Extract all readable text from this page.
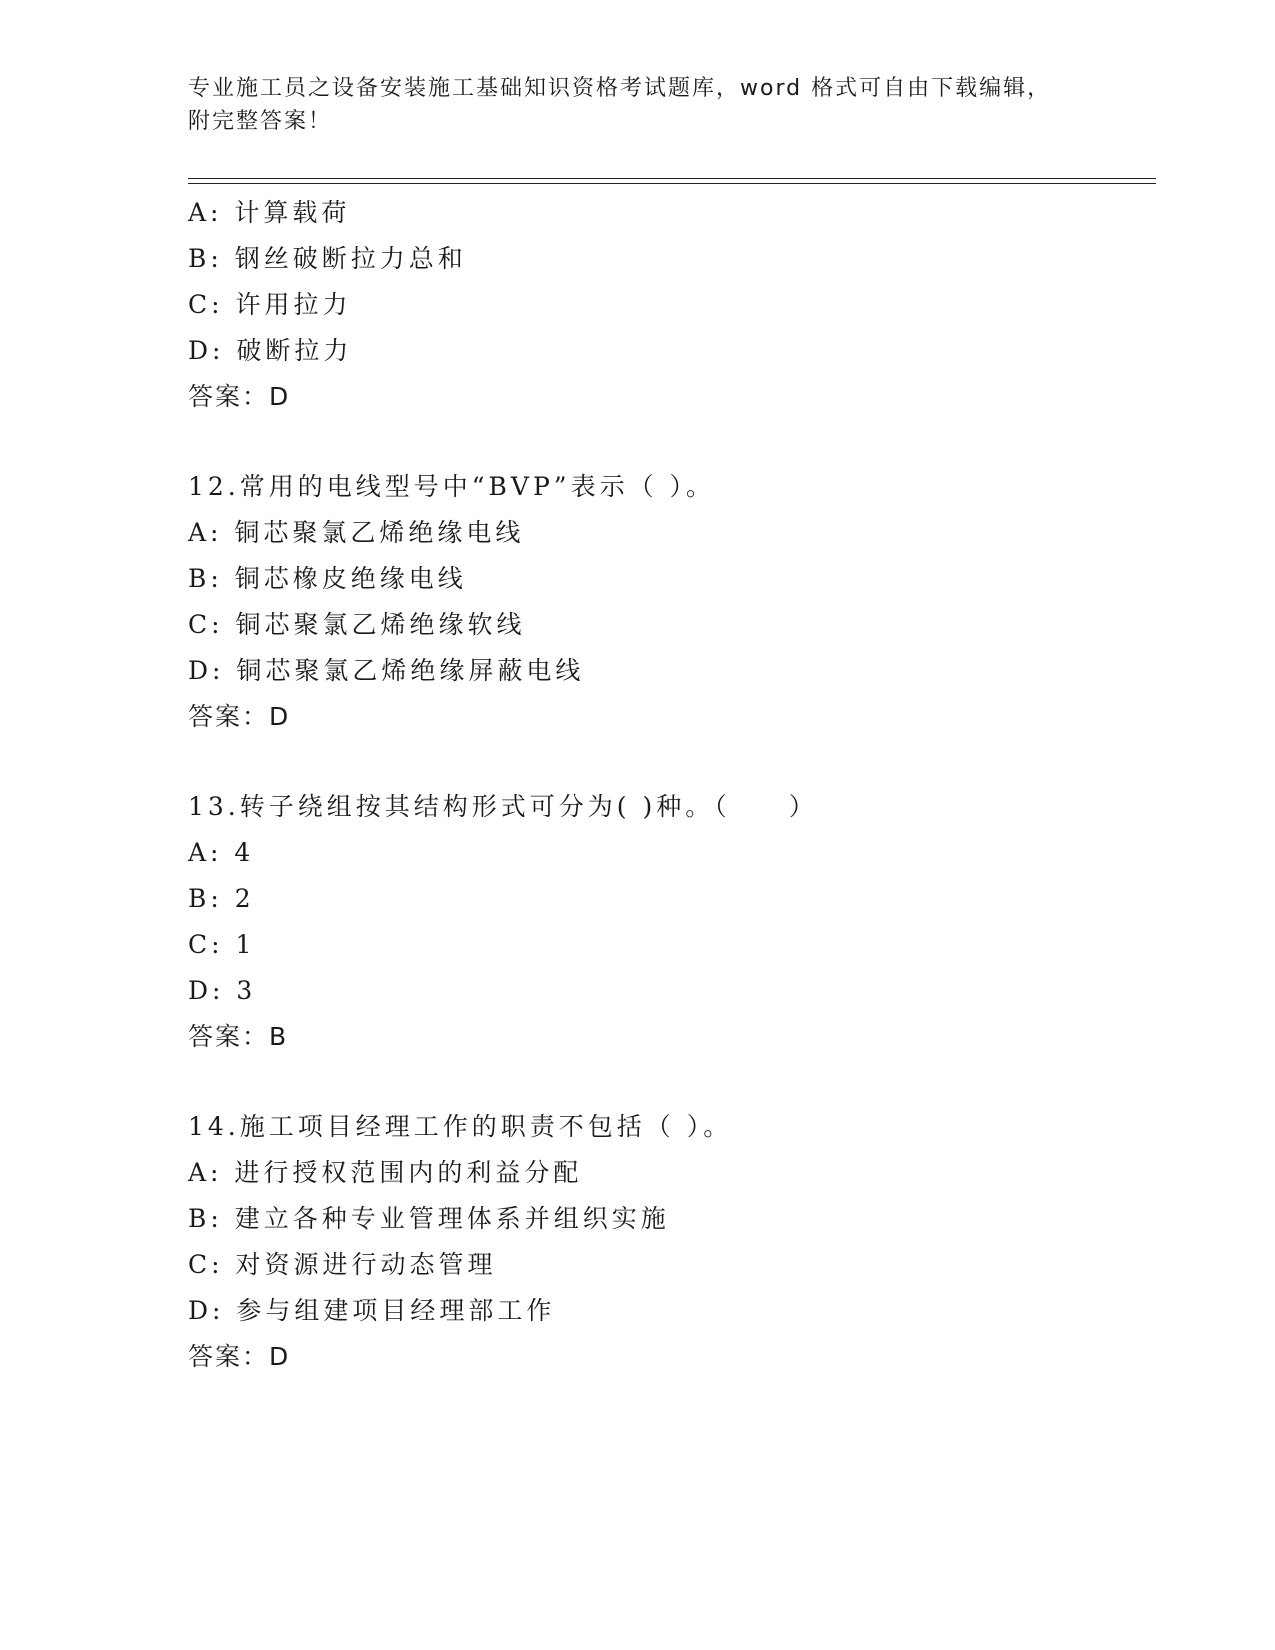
专业施工员之设备安装施工基础知识资格考试题库，word 格式可自由下载编辑，
附完整答案！
A: 计算载荷
B: 钢丝破断拉力总和
C: 许用拉力
D: 破断拉力
答案：D
12.常用的电线型号中“BVP”表示（ ）。
A: 铜芯聚氯乙烯绝缘电线
B: 铜芯橡皮绝缘电线
C: 铜芯聚氯乙烯绝缘软线
D: 铜芯聚氯乙烯绝缘屏蔽电线
答案：D
13.转子绕组按其结构形式可分为( )种。（　　）
A: 4
B: 2
C: 1
D: 3
答案：B
14.施工项目经理工作的职责不包括（ ）。
A: 进行授权范围内的利益分配
B: 建立各种专业管理体系并组织实施
C: 对资源进行动态管理
D: 参与组建项目经理部工作
答案：D
